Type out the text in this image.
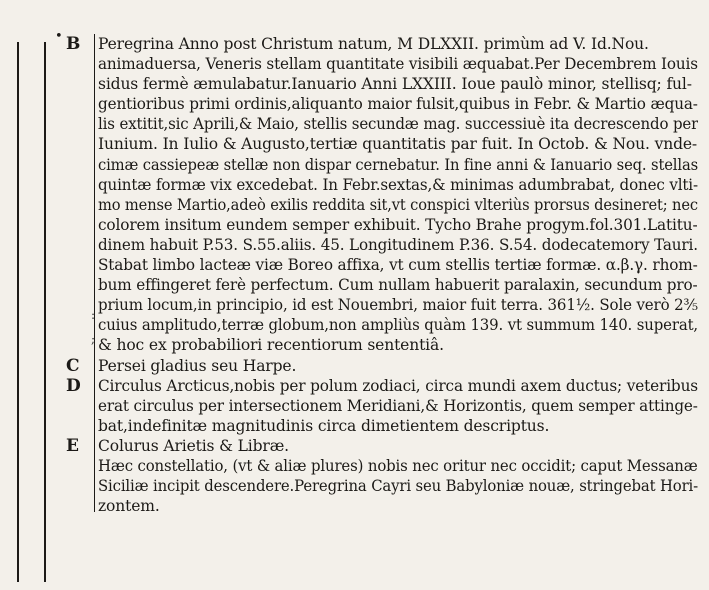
• B	Peregrina Anno post Christum natum, M DLXXII. primùm ad V. Id.Nou.
animaduersa, Veneris stellam quantitate visibili æquabat.Per Decembrem Iouis
sidus fermè æmulabatur.Ianuario Anni LXXIII. Ioue paulò minor, stellisq; ful-
gentioribus primi ordinis,aliquanto maior fulsit,quibus in Febr. & Martio æqua-
lis extitit,sic Aprili,& Maio, stellis secundæ mag. successiuè ita decrescendo per
Iunium. In Iulio & Augusto,tertiæ quantitatis par fuit. In Octob. & Nou. vnde-
cimæ cassiepeæ stellæ non dispar cernebatur. In fine anni & Ianuario seq. stellas
quintæ formæ vix excedebat. In Febr.sextas,& minimas adumbrabat, donec vlti-
mo mense Martio,adeò exilis reddita sit,vt conspici vlteriùs prorsus desineret; nec
colorem insitum eundem semper exhibuit. Tycho Brahe progym.fol.301.Latitu-
dinem habuit P.53. S.55.aliis. 45. Longitudinem P.36. S.54. dodecatemory Tauri.
Stabat limbo lacteæ viæ Boreo affixa, vt cum stellis tertiæ formæ. α.β.γ. rhom-
bum effingeret ferè perfectum. Cum nullam habuerit paralaxin, secundum pro-
prium locum,in principio, id est Nouembri, maior fuit terra. 361½. Sole verò 2⅗
cuius amplitudo,terræ globum,non ampliùs quàm 139. vt summum 140. superat,
& hoc ex probabiliori recentiorum sententiâ.
:
;
C	Persei gladius seu Harpe.
D	Circulus Arcticus,nobis per polum zodiaci, circa mundi axem ductus; veteribus
erat circulus per intersectionem Meridiani,& Horizontis, quem semper attinge-
bat,indefinitæ magnitudinis circa dimetientem descriptus.
E	Colurus Arietis & Libræ.
Hæc constellatio, (vt & aliæ plures) nobis nec oritur nec occidit; caput Messanæ
Siciliæ incipit descendere.Peregrina Cayri seu Babyloniæ nouæ, stringebat Hori-
zontem.
